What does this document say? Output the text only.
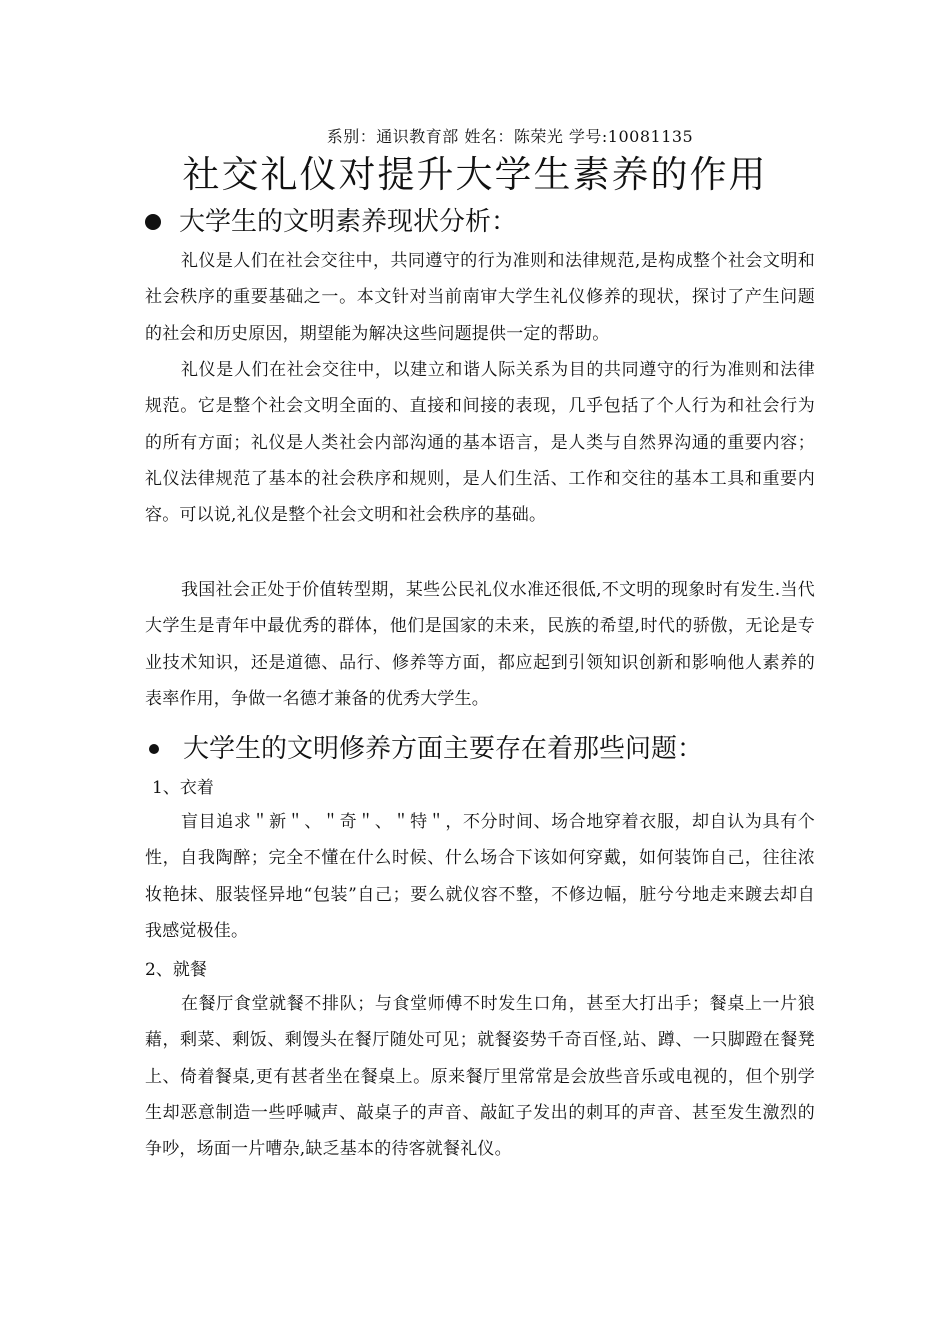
系别：通识教育部 姓名：陈荣光 学号:10081135
社交礼仪对提升大学生素养的作用
大学生的文明素养现状分析：

礼仪是人们在社会交往中，共同遵守的行为准则和法律规范,是构成整个社会文明和社会秩序的重要基础之一。本文针对当前南审大学生礼仪修养的现状，探讨了产生问题的社会和历史原因，期望能为解决这些问题提供一定的帮助。

礼仪是人们在社会交往中，以建立和谐人际关系为目的共同遵守的行为准则和法律规范。它是整个社会文明全面的、直接和间接的表现，几乎包括了个人行为和社会行为的所有方面；礼仪是人类社会内部沟通的基本语言，是人类与自然界沟通的重要内容；礼仪法律规范了基本的社会秩序和规则，是人们生活、工作和交往的基本工具和重要内容。可以说,礼仪是整个社会文明和社会秩序的基础。

我国社会正处于价值转型期，某些公民礼仪水准还很低,不文明的现象时有发生.当代大学生是青年中最优秀的群体，他们是国家的未来，民族的希望,时代的骄傲，无论是专业技术知识，还是道德、品行、修养等方面，都应起到引领知识创新和影响他人素养的表率作用，争做一名德才兼备的优秀大学生。

大学生的文明修养方面主要存在着那些问题：
1、衣着

盲目追求＂新＂、＂奇＂、＂特＂，不分时间、场合地穿着衣服，却自认为具有个性，自我陶醉；完全不懂在什么时候、什么场合下该如何穿戴，如何装饰自己，往往浓妆艳抹、服装怪异地“包装”自己；要么就仪容不整，不修边幅，脏兮兮地走来踱去却自我感觉极佳。

2、就餐

在餐厅食堂就餐不排队；与食堂师傅不时发生口角，甚至大打出手；餐桌上一片狼藉，剩菜、剩饭、剩馒头在餐厅随处可见；就餐姿势千奇百怪,站、蹲、一只脚蹬在餐凳上、倚着餐桌,更有甚者坐在餐桌上。原来餐厅里常常是会放些音乐或电视的，但个别学生却恶意制造一些呼喊声、敲桌子的声音、敲缸子发出的刺耳的声音、甚至发生激烈的争吵，场面一片嘈杂,缺乏基本的待客就餐礼仪。
